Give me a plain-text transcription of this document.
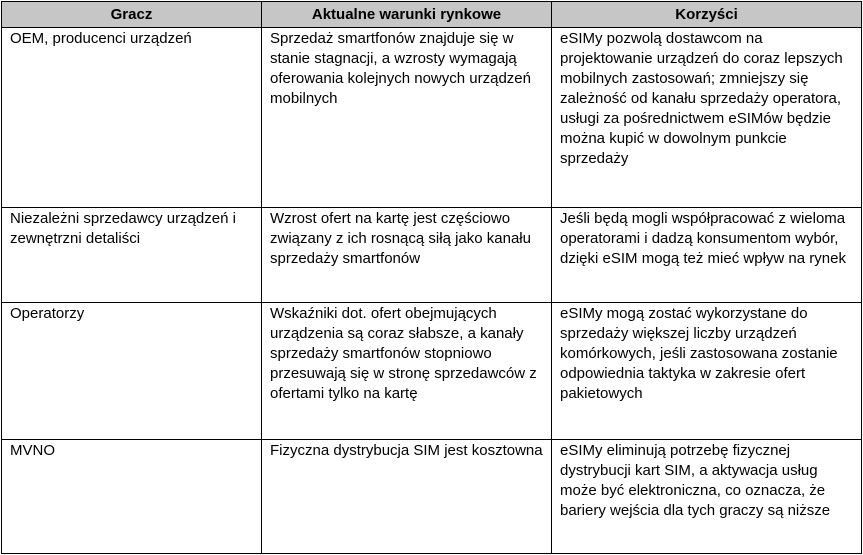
Gracz	Aktualne warunki rynkowe	Korzyści
OEM, producenci urządzeń	Sprzedaż smartfonów znajduje się w stanie stagnacji, a wzrosty wymagają oferowania kolejnych nowych urządzeń mobilnych	eSIMy pozwolą dostawcom na projektowanie urządzeń do coraz lepszych mobilnych zastosowań; zmniejszy się zależność od kanału sprzedaży operatora, usługi za pośrednictwem eSIMów będzie można kupić w dowolnym punkcie sprzedaży
Niezależni sprzedawcy urządzeń i zewnętrzni detaliści	Wzrost ofert na kartę jest częściowo związany z ich rosnącą siłą jako kanału sprzedaży smartfonów	Jeśli będą mogli współpracować z wieloma operatorami i dadzą konsumentom wybór, dzięki eSIM mogą też mieć wpływ na rynek
Operatorzy	Wskaźniki dot. ofert obejmujących urządzenia są coraz słabsze, a kanały sprzedaży smartfonów stopniowo przesuwają się w stronę sprzedawców z ofertami tylko na kartę	eSIMy mogą zostać wykorzystane do sprzedaży większej liczby urządzeń komórkowych, jeśli zastosowana zostanie odpowiednia taktyka w zakresie ofert pakietowych
MVNO	Fizyczna dystrybucja SIM jest kosztowna	eSIMy eliminują potrzebę fizycznej dystrybucji kart SIM, a aktywacja usług może być elektroniczna, co oznacza, że bariery wejścia dla tych graczy są niższe
